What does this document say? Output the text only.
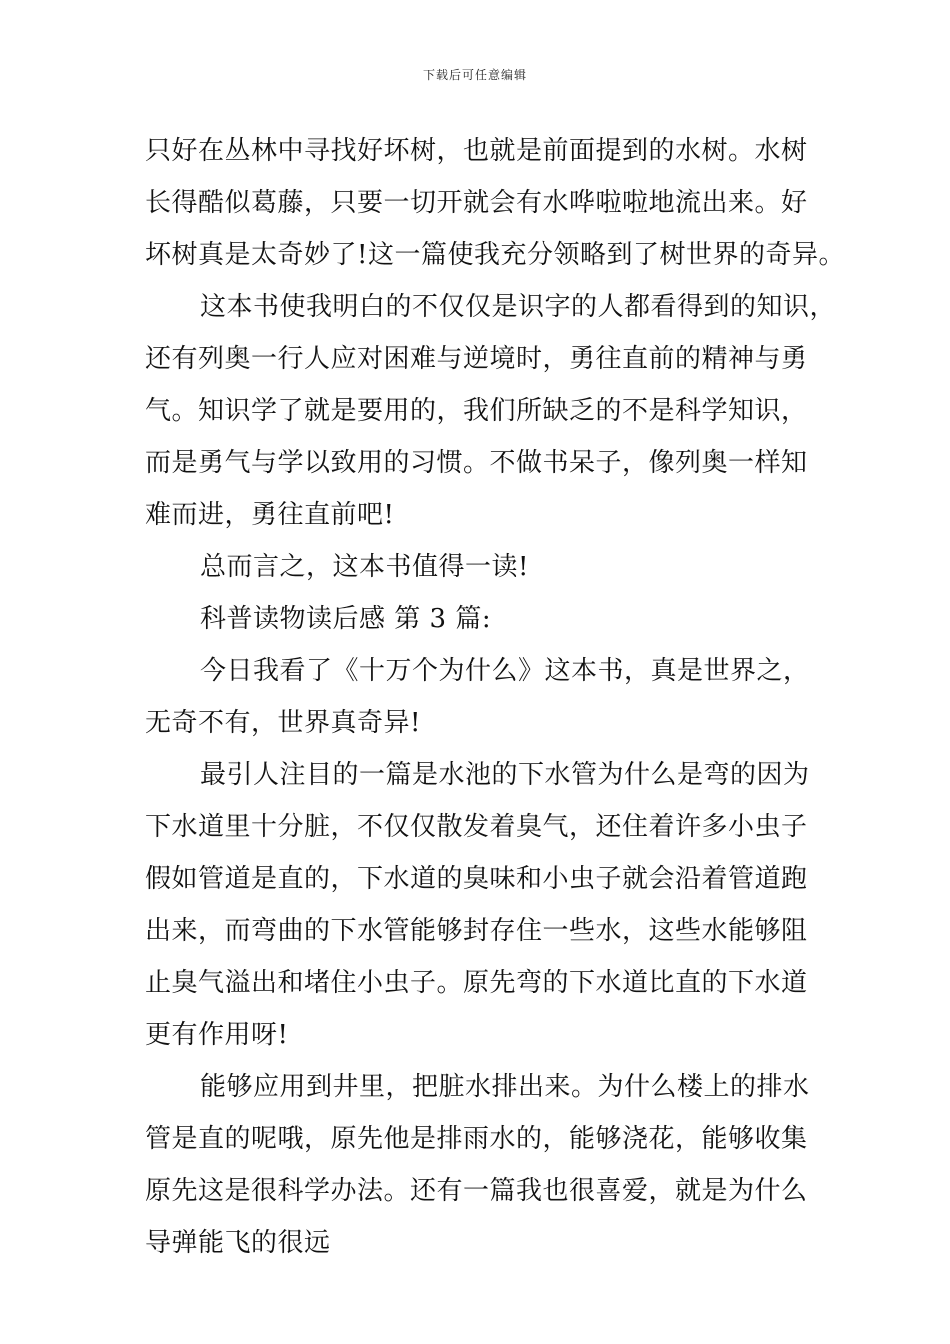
下载后可任意编辑
只好在丛林中寻找好坏树，也就是前面提到的水树。水树
长得酷似葛藤，只要一切开就会有水哗啦啦地流出来。好
坏树真是太奇妙了!这一篇使我充分领略到了树世界的奇异。
这本书使我明白的不仅仅是识字的人都看得到的知识，
还有列奥一行人应对困难与逆境时，勇往直前的精神与勇
气。知识学了就是要用的，我们所缺乏的不是科学知识，
而是勇气与学以致用的习惯。不做书呆子，像列奥一样知
难而进，勇往直前吧!
总而言之，这本书值得一读!
科普读物读后感 第 3 篇:
今日我看了《十万个为什么》这本书，真是世界之，
无奇不有，世界真奇异!
最引人注目的一篇是水池的下水管为什么是弯的因为
下水道里十分脏，不仅仅散发着臭气，还住着许多小虫子
假如管道是直的，下水道的臭味和小虫子就会沿着管道跑
出来，而弯曲的下水管能够封存住一些水，这些水能够阻
止臭气溢出和堵住小虫子。原先弯的下水道比直的下水道
更有作用呀!
能够应用到井里，把脏水排出来。为什么楼上的排水
管是直的呢哦，原先他是排雨水的，能够浇花，能够收集
原先这是很科学办法。还有一篇我也很喜爱，就是为什么
导弹能飞的很远
